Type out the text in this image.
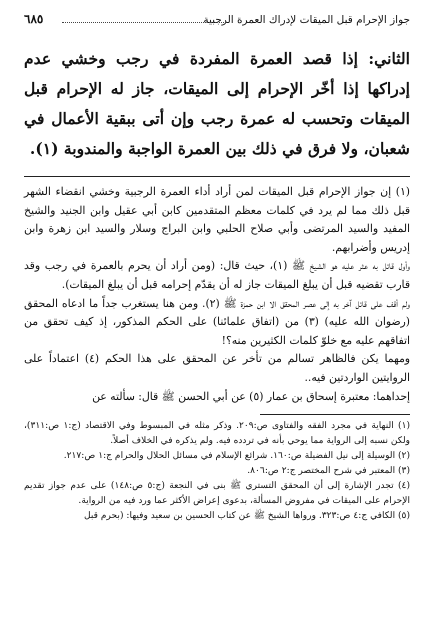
جواز الإحرام قبل الميقات لإدراك العمرة الرجبية
٦٨٥

الثاني: إذا قصد العمرة المفردة في رجب وخشي عدم إدراكها إذا أخّر الإحرام إلى الميقات، جاز له الإحرام قبل الميقات وتحسب له عمرة رجب وإن أتى ببقية الأعمال في شعبان، ولا فرق في ذلك بين العمرة الواجبة والمندوبة (١).

(١) إن جواز الإحرام قبل الميقات لمن أراد أداء العمرة الرجبية وخشي انقضاء الشهر قبل ذلك مما لم يرد في كلمات معظم المتقدمين كابن أبي عقيل وابن الجنيد والشيخ المفيد والسيد المرتضى وأبي صلاح الحلبي وابن البراج وسلار والسيد ابن زهرة وابن إدريس وأضرابهم.

وأول قائل به عثر عليه هو الشيخ ﷺ (١)، حيث قال: (ومن أراد أن يحرم بالعمرة في رجب وقد قارب تقضيه قبل أن يبلغ الميقات جاز له أن يقدّم إحرامه قبل أن يبلغ الميقات).

ولم أقف على قائل آخر به إلى عصر المحقق الا ابن حمزة ﷺ (٢). ومن هنا يستغرب جداً ما ادعاه المحقق (رضوان الله عليه) (٣) من (اتفاق علمائنا) على الحكم المذكور، إذ كيف تحقق من اتفاقهم عليه مع خلوّ كلمات الكثيرين منه؟!

ومهما يكن فالظاهر تسالم من تأخر عن المحقق على هذا الحكم (٤) اعتماداً على الروايتين الواردتين فيه..

إحداهما: معتبرة إسحاق بن عمار (٥) عن أبي الحسن ﷺ قال: سألته عن

(١) النهاية في مجرد الفقه والفتاوى ص:٢٠٩. وذكر مثله في المبسوط وفي الاقتصاد (ج:١ ص:٣١١)، ولكن نسبه إلى الرواية مما يوحي بأنه في تردده فيه. ولم يذكره في الخلاف أصلاً.

(٢) الوسيلة إلى نيل الفضيلة ص:١٦٠. شرائع الإسلام في مسائل الحلال والحرام ج:١ ص:٢١٧.

(٣) المعتبر في شرح المختصر ج:٢ ص:٨٠٦.

(٤) تجدر الإشارة إلى أن المحقق التستري ﷺ بنى في النجعة (ج:٥ ص:١٤٨) على عدم جواز تقديم الإحرام على الميقات في مفروض المسألة، بدعوى إعراض الأكثر عما ورد فيه من الرواية.

(٥) الكافي ج:٤ ص:٣٢٣. ورواها الشيخ ﷺ عن كتاب الحسين بن سعيد وفيها: (بحرم قبل
